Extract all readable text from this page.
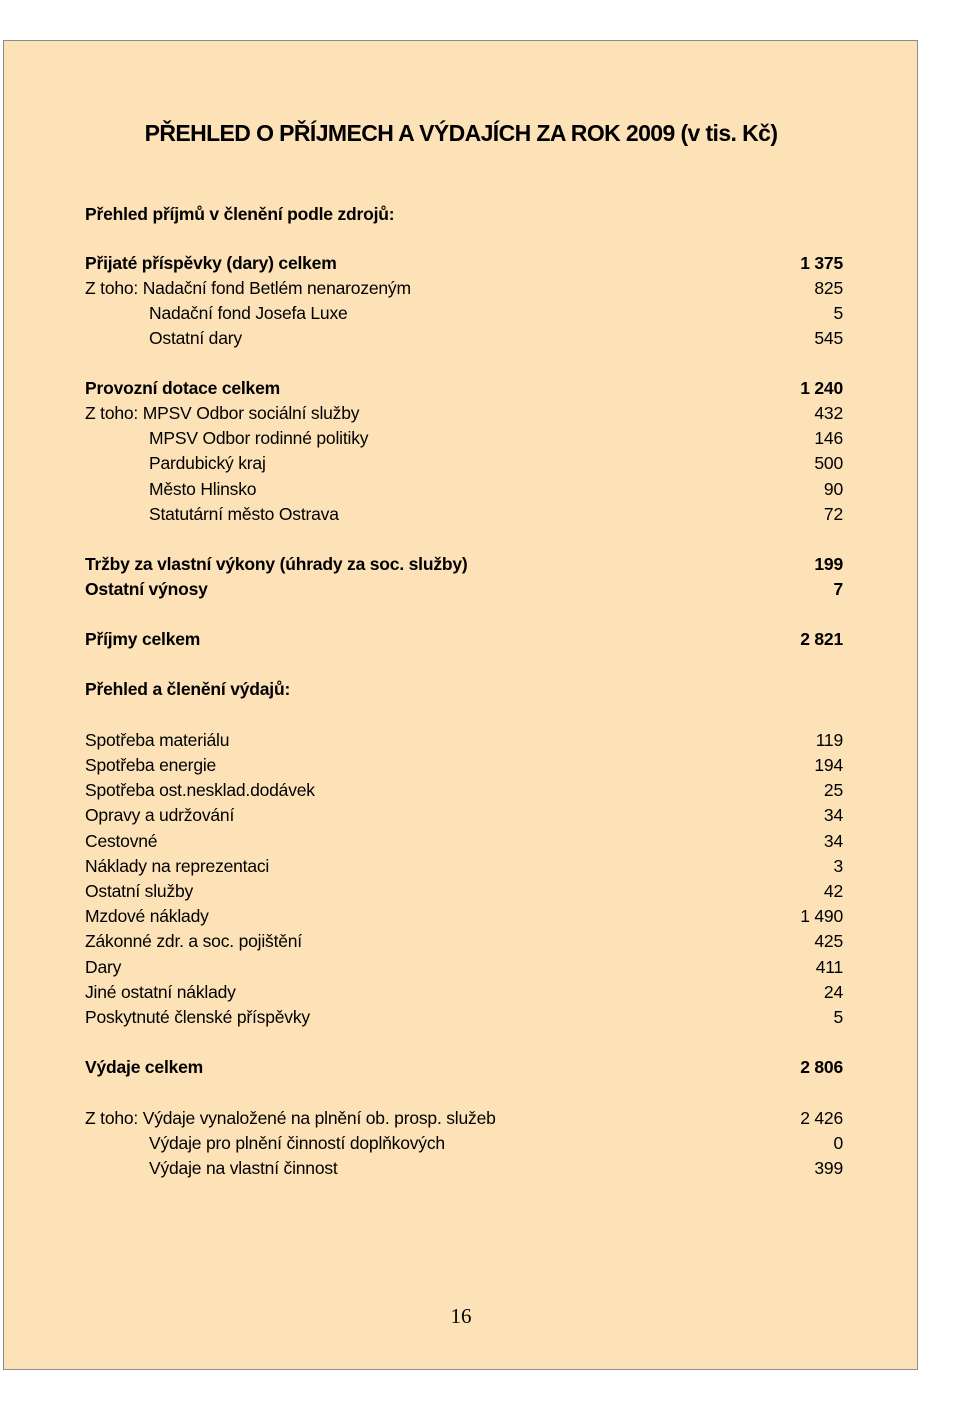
PŘEHLED O PŘÍJMECH A VÝDAJÍCH ZA ROK 2009 (v tis. Kč)
Přehled příjmů v členění podle zdrojů:
Přijaté příspěvky (dary) celkem	1 375
Z toho: Nadační fond Betlém nenarozeným	825
Nadační fond Josefa Luxe	5
Ostatní dary	545
Provozní dotace celkem	1 240
Z toho: MPSV Odbor sociální služby	432
MPSV Odbor rodinné politiky	146
Pardubický kraj	500
Město Hlinsko	90
Statutární město Ostrava	72
Tržby za vlastní výkony (úhrady za soc. služby)	199
Ostatní výnosy	7
Příjmy celkem	2 821
Přehled a členění výdajů:
Spotřeba materiálu	119
Spotřeba energie	194
Spotřeba ost.nesklad.dodávek	25
Opravy a udržování	34
Cestovné	34
Náklady na reprezentaci	3
Ostatní služby	42
Mzdové náklady	1 490
Zákonné zdr. a soc. pojištění	425
Dary	411
Jiné ostatní náklady	24
Poskytnuté členské příspěvky	5
Výdaje celkem	2 806
Z toho: Výdaje vynaložené na plnění ob. prosp. služeb	2 426
Výdaje pro plnění činností doplňkových	0
Výdaje na vlastní činnost	399
16
